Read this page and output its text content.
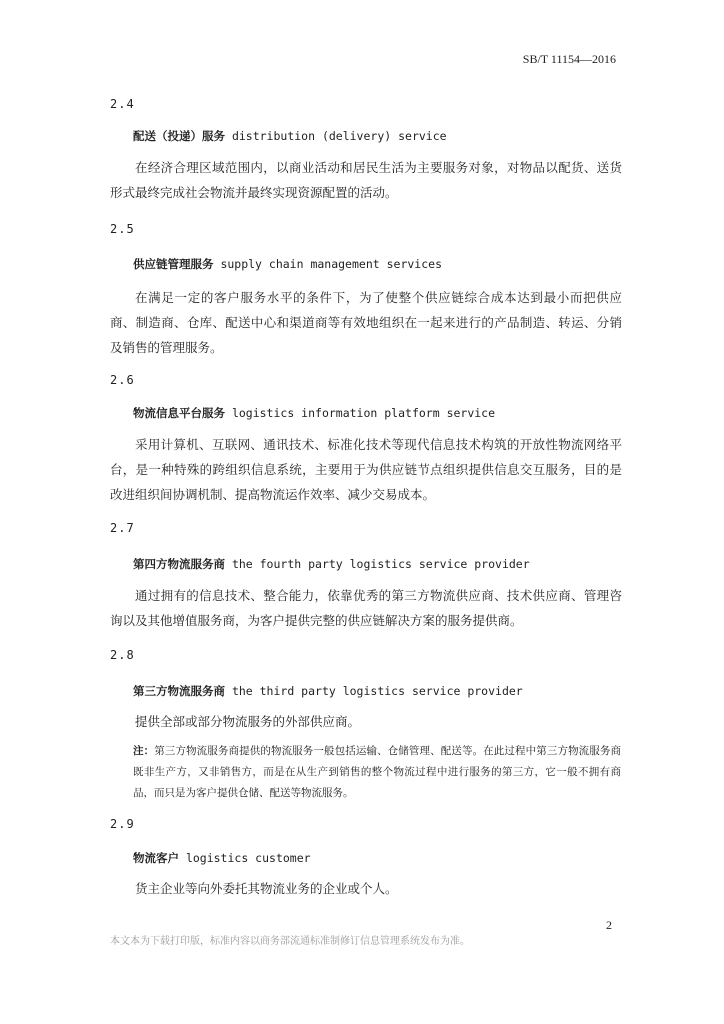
SB/T 11154—2016
2.4
配送（投递）服务 distribution (delivery) service

在经济合理区域范围内，以商业活动和居民生活为主要服务对象，对物品以配货、送货形式最终完成社会物流并最终实现资源配置的活动。

2.5
供应链管理服务 supply chain management services

在满足一定的客户服务水平的条件下，为了使整个供应链综合成本达到最小而把供应商、制造商、仓库、配送中心和渠道商等有效地组织在一起来进行的产品制造、转运、分销及销售的管理服务。

2.6
物流信息平台服务 logistics information platform service

采用计算机、互联网、通讯技术、标准化技术等现代信息技术构筑的开放性物流网络平台，是一种特殊的跨组织信息系统，主要用于为供应链节点组织提供信息交互服务，目的是改进组织间协调机制、提高物流运作效率、减少交易成本。

2.7
第四方物流服务商 the fourth party logistics service provider

通过拥有的信息技术、整合能力，依靠优秀的第三方物流供应商、技术供应商、管理咨询以及其他增值服务商，为客户提供完整的供应链解决方案的服务提供商。

2.8
第三方物流服务商 the third party logistics service provider

提供全部或部分物流服务的外部供应商。

注：第三方物流服务商提供的物流服务一般包括运输、仓储管理、配送等。在此过程中第三方物流服务商既非生产方，又非销售方，而是在从生产到销售的整个物流过程中进行服务的第三方，它一般不拥有商品，而只是为客户提供仓储、配送等物流服务。
2.9
物流客户 logistics customer

货主企业等向外委托其物流业务的企业或个人。

2
本文本为下载打印版，标准内容以商务部流通标准制修订信息管理系统发布为准。
